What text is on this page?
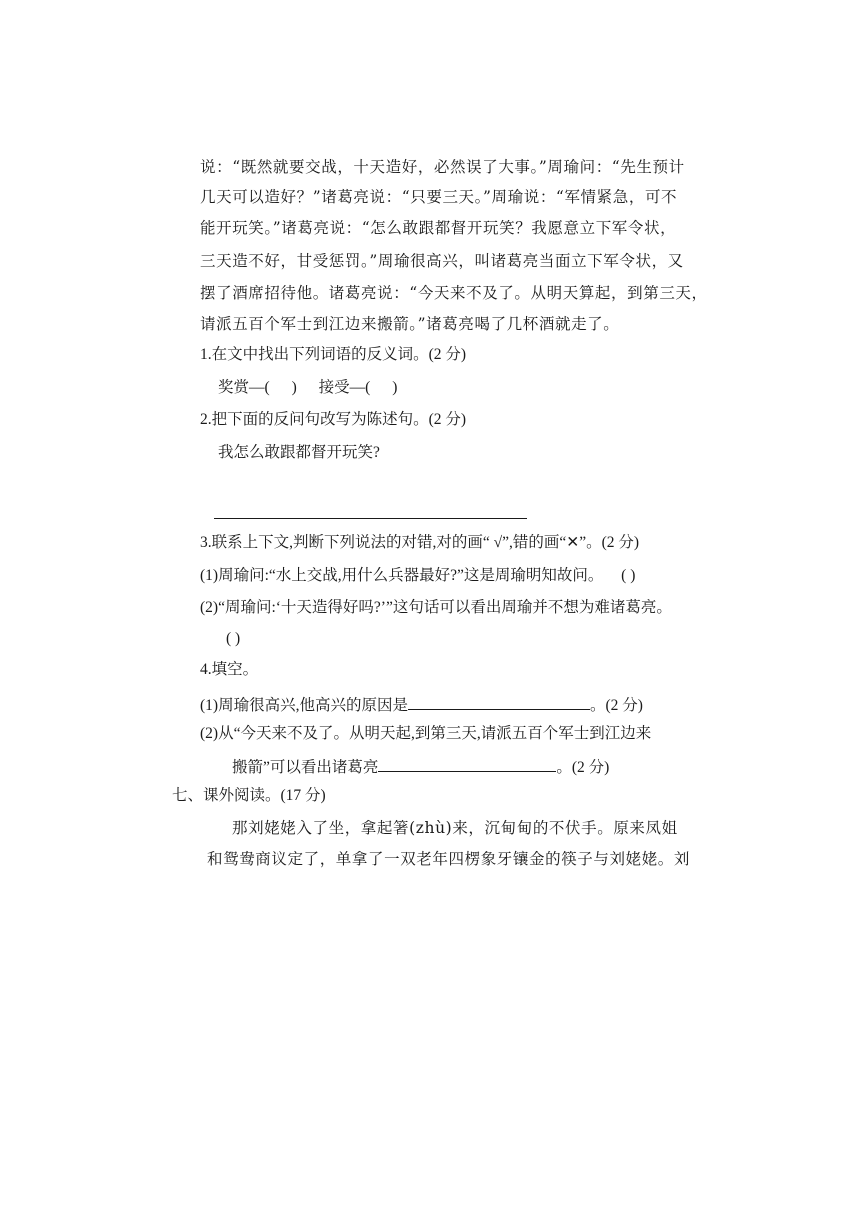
说：“既然就要交战，十天造好，必然误了大事。”周瑜问：“先生预计
几天可以造好？”诸葛亮说：“只要三天。”周瑜说：“军情紧急，可不
能开玩笑。”诸葛亮说：“怎么敢跟都督开玩笑？我愿意立下军令状，
三天造不好，甘受惩罚。”周瑜很高兴，叫诸葛亮当面立下军令状，又
摆了酒席招待他。诸葛亮说：“今天来不及了。从明天算起，到第三天，
请派五百个军士到江边来搬箭。”诸葛亮喝了几杯酒就走了。
1.在文中找出下列词语的反义词。(2 分)
奖赏—( ) 接受—( )
2.把下面的反问句改写为陈述句。(2 分)
我怎么敢跟都督开玩笑?
3.联系上下文,判断下列说法的对错,对的画“ √”,错的画“✕”。(2 分)
(1)周瑜问:“水上交战,用什么兵器最好?”这是周瑜明知故问。 ( )
(2)“周瑜问:‘十天造得好吗?’”这句话可以看出周瑜并不想为难诸葛亮。
( )
4.填空。
(1)周瑜很高兴,他高兴的原因是	。(2 分)
(2)从“今天来不及了。从明天起,到第三天,请派五百个军士到江边来
搬箭”可以看出诸葛亮	。(2 分)
七、课外阅读。(17 分)
那刘姥姥入了坐，拿起箸(zhù)来，沉甸甸的不伏手。原来凤姐
和鸳鸯商议定了，单拿了一双老年四楞象牙镶金的筷子与刘姥姥。刘
